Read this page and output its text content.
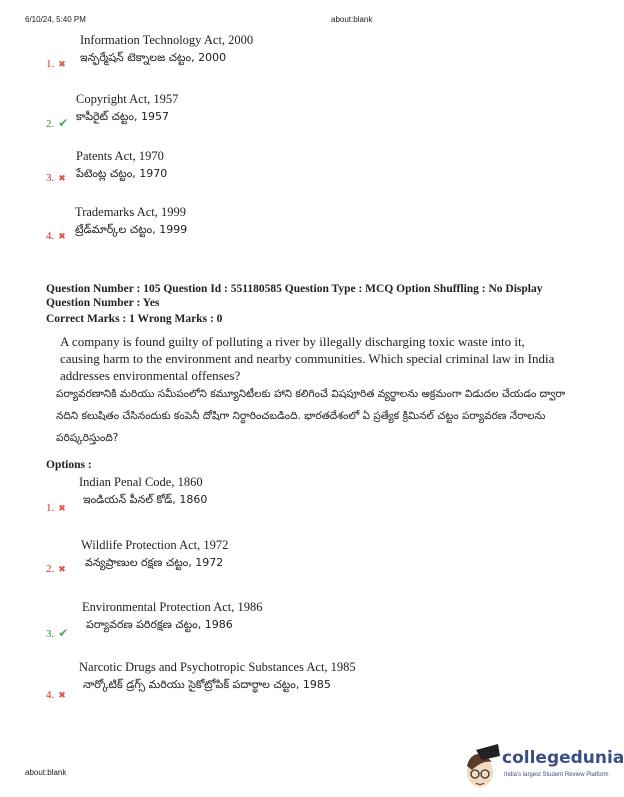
6/10/24, 5:40 PM	about:blank
Information Technology Act, 2000
ఇన్ఫర్మేషన్ టెక్నాలజ చట్టం, 2000
1. ✖
Copyright Act, 1957
కాపీరైట్ చట్టం, 1957
2. ✔
Patents Act, 1970
పేటెంట్ల చట్టం, 1970
3. ✖
Trademarks Act, 1999
ట్రేడ్‌మార్క్‌ల చట్టం, 1999
4. ✖
Question Number : 105 Question Id : 551180585 Question Type : MCQ Option Shuffling : No Display
Question Number : Yes
Correct Marks : 1 Wrong Marks : 0
A company is found guilty of polluting a river by illegally discharging toxic waste into it, causing harm to the environment and nearby communities. Which special criminal law in India addresses environmental offenses?
పర్యావరణానికి మరియు సమీపంలోని కమ్యూనిటీలకు హాని కలిగించే విషపూరిత వ్యర్థాలను అక్రమంగా విడుదల చేయడం ద్వారా నదిని కలుషితం చేసినందుకు కంపెనీ దోషిగా నిర్ధారించబడింది. భారతదేశంలో ఏ ప్రత్యేక క్రిమినల్ చట్టం పర్యావరణ నేరాలను పరిష్కరిస్తుంది?
Options :
Indian Penal Code, 1860
ఇండియన్ పీనల్ కోడ్, 1860
1. ✖
Wildlife Protection Act, 1972
వన్యప్రాణుల రక్షణ చట్టం, 1972
2. ✖
Environmental Protection Act, 1986
పర్యావరణ పరిరక్షణ చట్టం, 1986
3. ✔
Narcotic Drugs and Psychotropic Substances Act, 1985
నార్కోటిక్ డ్రగ్స్ మరియు సైకోట్రోపిక్ పదార్థాల చట్టం, 1985
4. ✖
about:blank
collegedunia
India's largest Student Review Platform
